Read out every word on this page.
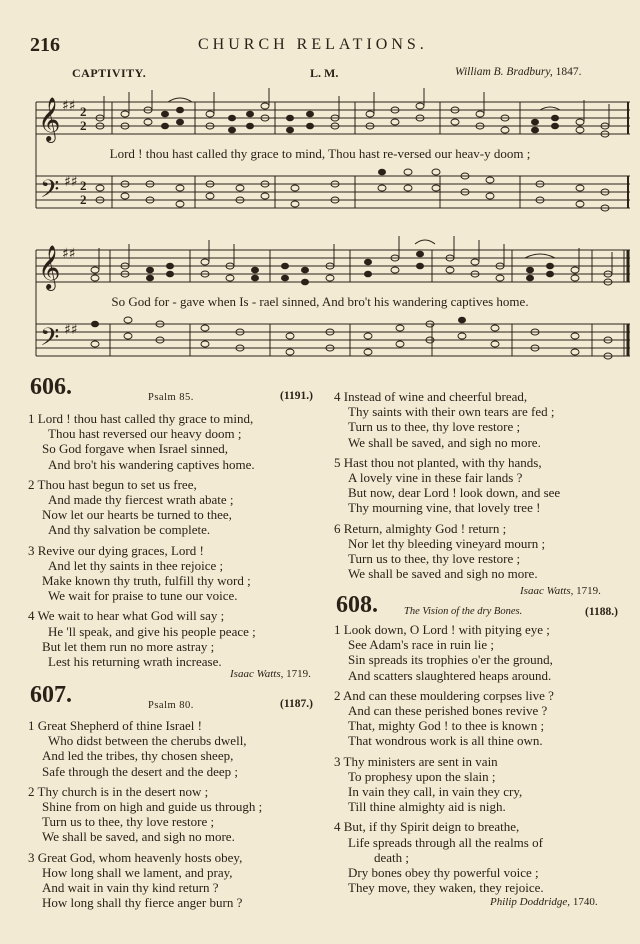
216	CHURCH RELATIONS.
CAPTIVITY.	L. M.	William B. Bradbury, 1847.
𝄞
𝄢
♯♯
♯♯
2
2
2
2
Lord ! thou hast called thy grace to mind, Thou hast re-versed our heav-y doom ;
𝄞
𝄢
♯♯
♯♯
So God for - gave when Is - rael sinned, And bro't his wandering captives home.
606.	Psalm 85.	(1191.)
1 Lord ! thou hast called thy grace to mind,
Thou hast reversed our heavy doom ;
So God forgave when Israel sinned,
And bro't his wandering captives home.
2 Thou hast begun to set us free,
And made thy fiercest wrath abate ;
Now let our hearts be turned to thee,
And thy salvation be complete.
3 Revive our dying graces, Lord !
And let thy saints in thee rejoice ;
Make known thy truth, fulfill thy word ;
We wait for praise to tune our voice.
4 We wait to hear what God will say ;
He 'll speak, and give his people peace ;
But let them run no more astray ;
Lest his returning wrath increase.
Isaac Watts, 1719.
607.	Psalm 80.	(1187.)
1 Great Shepherd of thine Israel !
Who didst between the cherubs dwell,
And led the tribes, thy chosen sheep,
Safe through the desert and the deep ;
2 Thy church is in the desert now ;
Shine from on high and guide us through ;
Turn us to thee, thy love restore ;
We shall be saved, and sigh no more.
3 Great God, whom heavenly hosts obey,
How long shall we lament, and pray,
And wait in vain thy kind return ?
How long shall thy fierce anger burn ?
4 Instead of wine and cheerful bread,
Thy saints with their own tears are fed ;
Turn us to thee, thy love restore ;
We shall be saved, and sigh no more.
5 Hast thou not planted, with thy hands,
A lovely vine in these fair lands ?
But now, dear Lord ! look down, and see
Thy mourning vine, that lovely tree !
6 Return, almighty God ! return ;
Nor let thy bleeding vineyard mourn ;
Turn us to thee, thy love restore ;
We shall be saved and sigh no more.
Isaac Watts, 1719.
608. The Vision of the dry Bones.	(1188.)
1 Look down, O Lord ! with pitying eye ;
See Adam's race in ruin lie ;
Sin spreads its trophies o'er the ground,
And scatters slaughtered heaps around.
2 And can these mouldering corpses live ?
And can these perished bones revive ?
That, mighty God ! to thee is known ;
That wondrous work is all thine own.
3 Thy ministers are sent in vain
To prophesy upon the slain ;
In vain they call, in vain they cry,
Till thine almighty aid is nigh.
4 But, if thy Spirit deign to breathe,
Life spreads through all the realms of
death ;
Dry bones obey thy powerful voice ;
They move, they waken, they rejoice.
Philip Doddridge, 1740.
